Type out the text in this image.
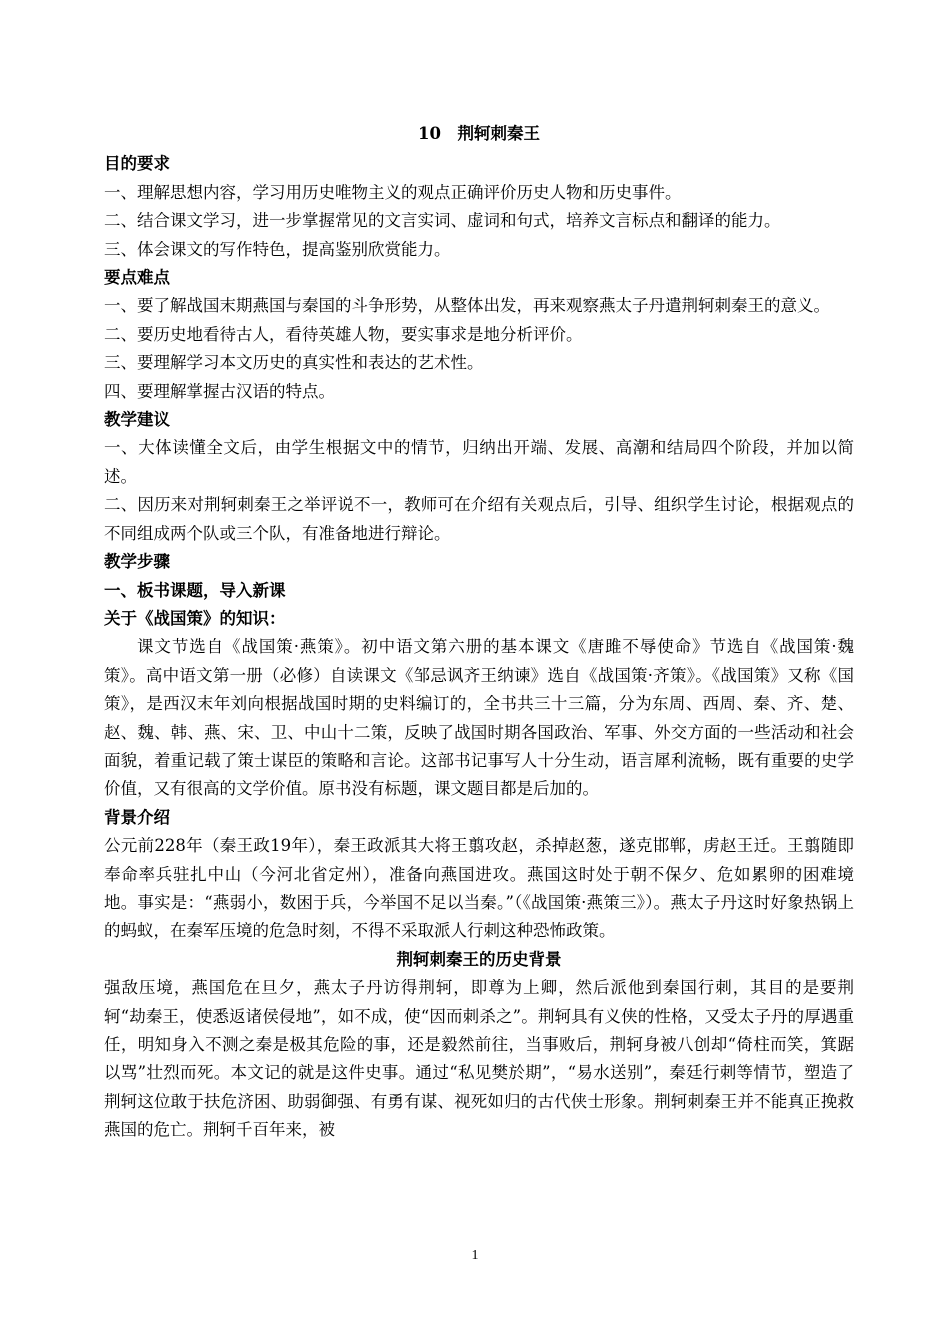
10　荆轲刺秦王
目的要求
一、理解思想内容，学习用历史唯物主义的观点正确评价历史人物和历史事件。
二、结合课文学习，进一步掌握常见的文言实词、虚词和句式，培养文言标点和翻译的能力。
三、体会课文的写作特色，提高鉴别欣赏能力。
要点难点
一、要了解战国末期燕国与秦国的斗争形势，从整体出发，再来观察燕太子丹遣荆轲刺秦王的意义。
二、要历史地看待古人，看待英雄人物，要实事求是地分析评价。
三、要理解学习本文历史的真实性和表达的艺术性。
四、要理解掌握古汉语的特点。
教学建议
一、大体读懂全文后，由学生根据文中的情节，归纳出开端、发展、高潮和结局四个阶段，并加以简述。
二、因历来对荆轲刺秦王之举评说不一，教师可在介绍有关观点后，引导、组织学生讨论，根据观点的不同组成两个队或三个队，有准备地进行辩论。
教学步骤
一、板书课题，导入新课
关于《战国策》的知识：
课文节选自《战国策·燕策》。初中语文第六册的基本课文《唐雎不辱使命》节选自《战国策·魏策》。高中语文第一册（必修）自读课文《邹忌讽齐王纳谏》选自《战国策·齐策》。《战国策》又称《国策》，是西汉末年刘向根据战国时期的史料编订的，全书共三十三篇，分为东周、西周、秦、齐、楚、赵、魏、韩、燕、宋、卫、中山十二策，反映了战国时期各国政治、军事、外交方面的一些活动和社会面貌，着重记载了策士谋臣的策略和言论。这部书记事写人十分生动，语言犀利流畅，既有重要的史学价值，又有很高的文学价值。原书没有标题，课文题目都是后加的。
背景介绍
公元前228年（秦王政19年），秦王政派其大将王翦攻赵，杀掉赵葱，遂克邯郸，虏赵王迁。王翦随即奉命率兵驻扎中山（今河北省定州），准备向燕国进攻。燕国这时处于朝不保夕、危如累卵的困难境地。事实是：“燕弱小，数困于兵，今举国不足以当秦。”（《战国策·燕策三》）。燕太子丹这时好象热锅上的蚂蚁，在秦军压境的危急时刻，不得不采取派人行刺这种恐怖政策。
荆轲刺秦王的历史背景
强敌压境，燕国危在旦夕，燕太子丹访得荆轲，即尊为上卿，然后派他到秦国行刺，其目的是要荆轲“劫秦王，使悉返诸侯侵地”，如不成，使“因而刺杀之”。荆轲具有义侠的性格，又受太子丹的厚遇重任，明知身入不测之秦是极其危险的事，还是毅然前往，当事败后，荆轲身被八创却“倚柱而笑，箕踞以骂”壮烈而死。本文记的就是这件史事。通过“私见樊於期”，“易水送别”，秦廷行刺等情节，塑造了荆轲这位敢于扶危济困、助弱御强、有勇有谋、视死如归的古代侠士形象。荆轲刺秦王并不能真正挽救燕国的危亡。荆轲千百年来，被
1
